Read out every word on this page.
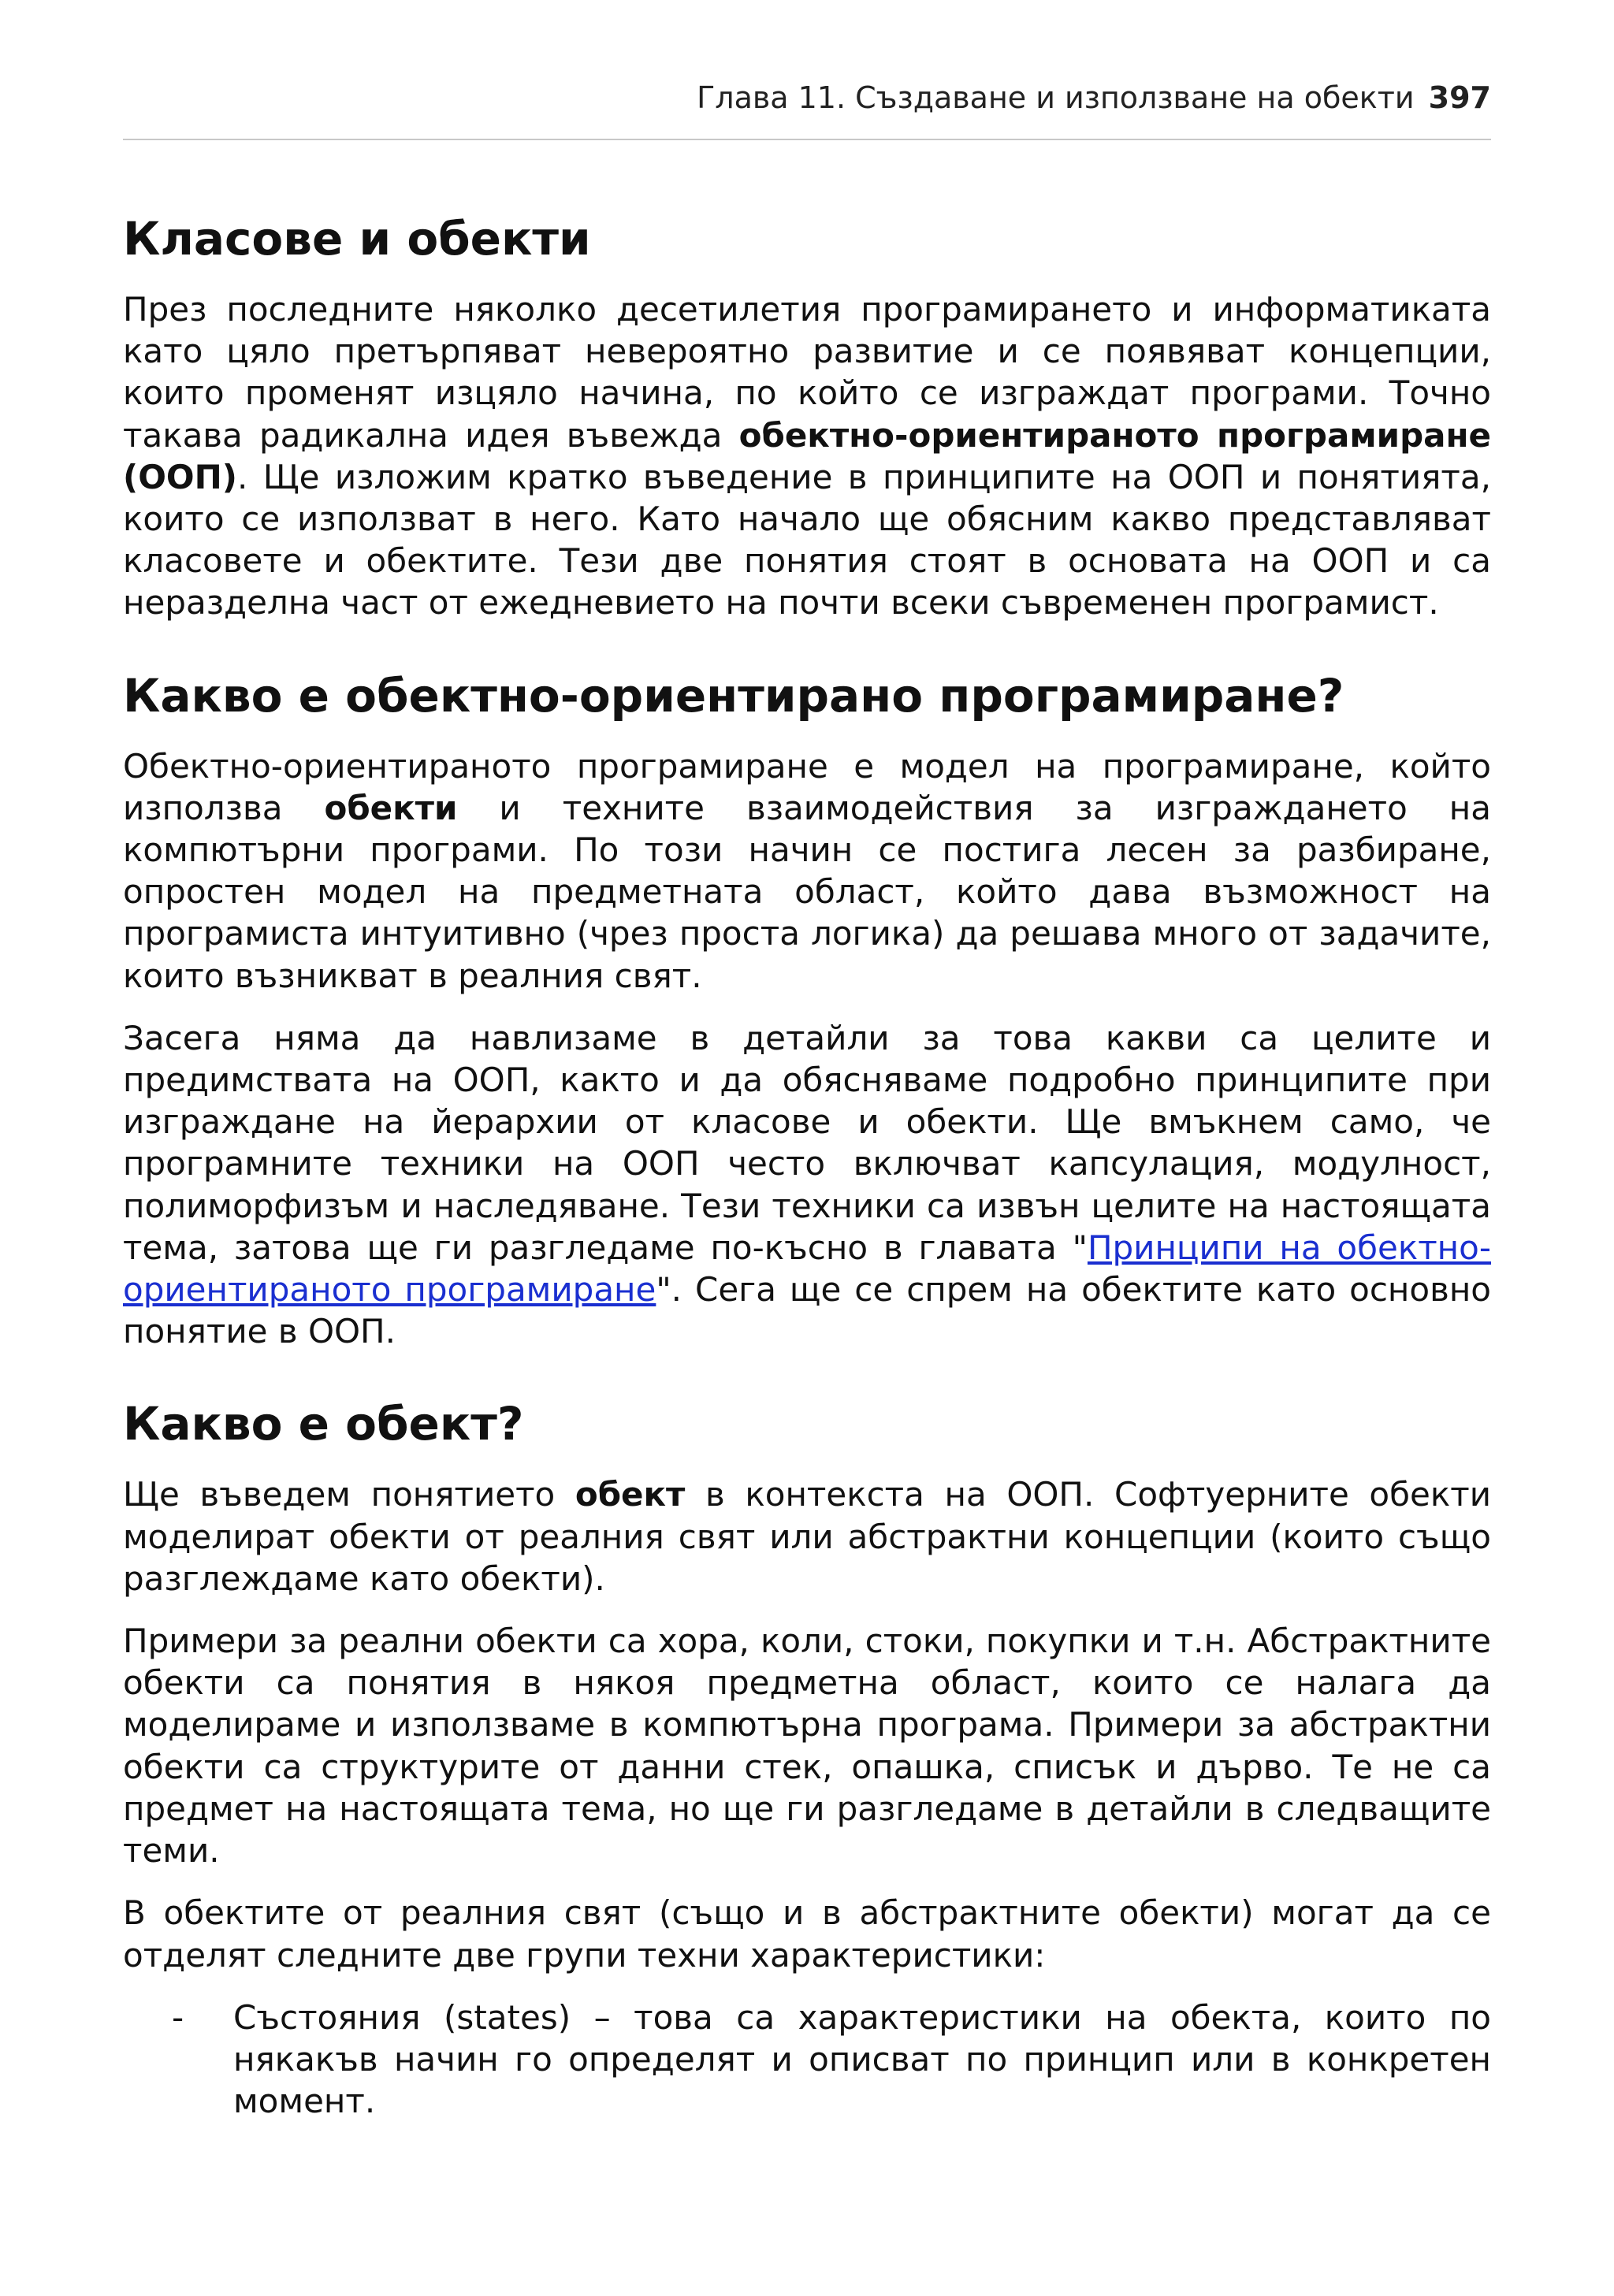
Глава 11. Създаване и използване на обекти 397
Класове и обекти

През последните няколко десетилетия програмирането и информатиката като цяло претърпяват невероятно развитие и се появяват концепции, които променят изцяло начина, по който се изграждат програми. Точно такава радикална идея въвежда обектно-ориентираното програмиране (ООП). Ще изложим кратко въведение в принципите на ООП и понятията, които се използват в него. Като начало ще обясним какво представляват класовете и обектите. Тези две понятия стоят в основата на ООП и са неразделна част от ежедневието на почти всеки съвременен програмист.

Какво е обектно-ориентирано програмиране?

Обектно-ориентираното програмиране е модел на програмиране, който използва обекти и техните взаимодействия за изграждането на компютърни програми. По този начин се постига лесен за разбиране, опростен модел на предметната област, който дава възможност на програмиста интуитивно (чрез проста логика) да решава много от задачите, които възникват в реалния свят.

Засега няма да навлизаме в детайли за това какви са целите и предимствата на ООП, както и да обясняваме подробно принципите при изграждане на йерархии от класове и обекти. Ще вмъкнем само, че програмните техники на ООП често включват капсулация, модулност, полиморфизъм и наследяване. Тези техники са извън целите на настоящата тема, затова ще ги разгледаме по-късно в главата "Принципи на обектно-ориентираното програмиране". Сега ще се спрем на обектите като основно понятие в ООП.

Какво е обект?

Ще въведем понятието обект в контекста на ООП. Софтуерните обекти моделират обекти от реалния свят или абстрактни концепции (които също разглеждаме като обекти).

Примери за реални обекти са хора, коли, стоки, покупки и т.н. Абстрактните обекти са понятия в някоя предметна област, които се налага да моделираме и използваме в компютърна програма. Примери за абстрактни обекти са структурите от данни стек, опашка, списък и дърво. Те не са предмет на настоящата тема, но ще ги разгледаме в детайли в следващите теми.

В обектите от реалния свят (също и в абстрактните обекти) могат да се отделят следните две групи техни характеристики:

- Състояния (states) – това са характеристики на обекта, които по някакъв начин го определят и описват по принцип или в конкретен момент.
